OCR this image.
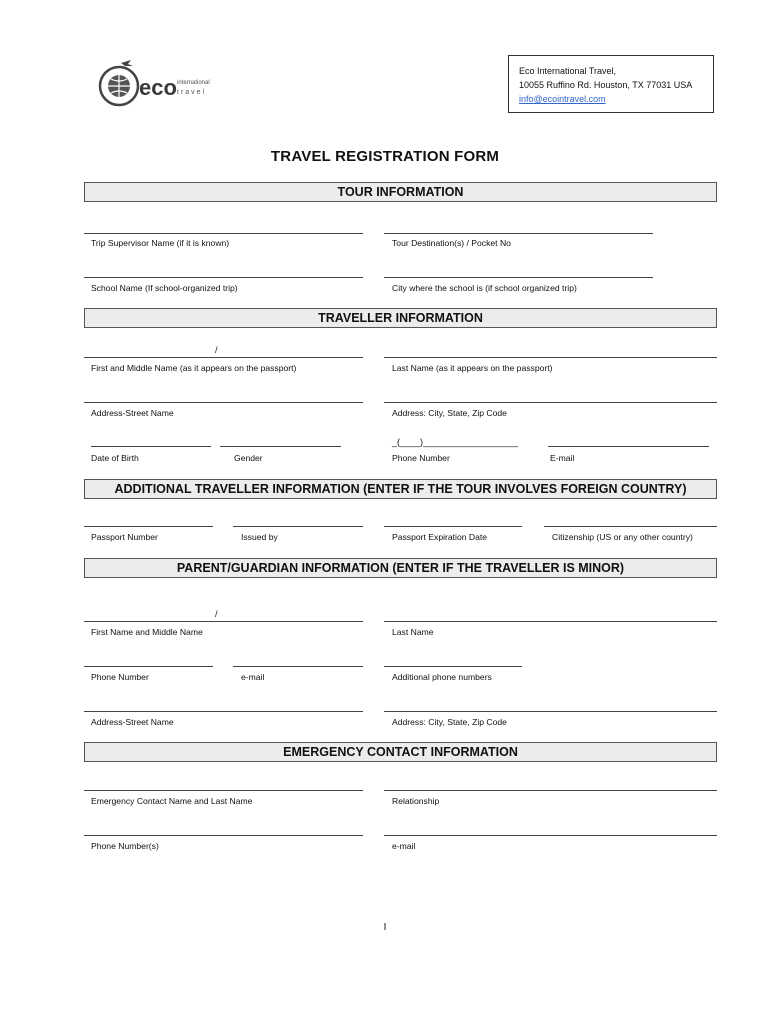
eco international
travel
Eco International Travel,
10055 Ruffino Rd. Houston, TX 77031 USA
info@ecointravel.com
TRAVEL REGISTRATION FORM
TOUR INFORMATION
Trip Supervisor Name (if it is known)	Tour Destination(s) / Pocket No
School Name (If school-organized trip)	City where the school is (if school organized trip)
TRAVELLER INFORMATION
/
First and Middle Name (as it appears on the passport)	Last Name (as it appears on the passport)
Address-Street Name	Address: City, State, Zip Code
_(____)___________________
Date of Birth	Gender	Phone Number	E-mail
ADDITIONAL TRAVELLER INFORMATION (ENTER IF THE TOUR INVOLVES FOREIGN COUNTRY)
Passport Number	Issued by	Passport Expiration Date	Citizenship (US or any other country)
PARENT/GUARDIAN INFORMATION (ENTER IF THE TRAVELLER IS MINOR)
/
First Name and Middle Name	Last Name
Phone Number	e-mail	Additional phone numbers
Address-Street Name	Address: City, State, Zip Code
EMERGENCY CONTACT INFORMATION
Emergency Contact Name and Last Name	Relationship
Phone Number(s)	e-mail
I
